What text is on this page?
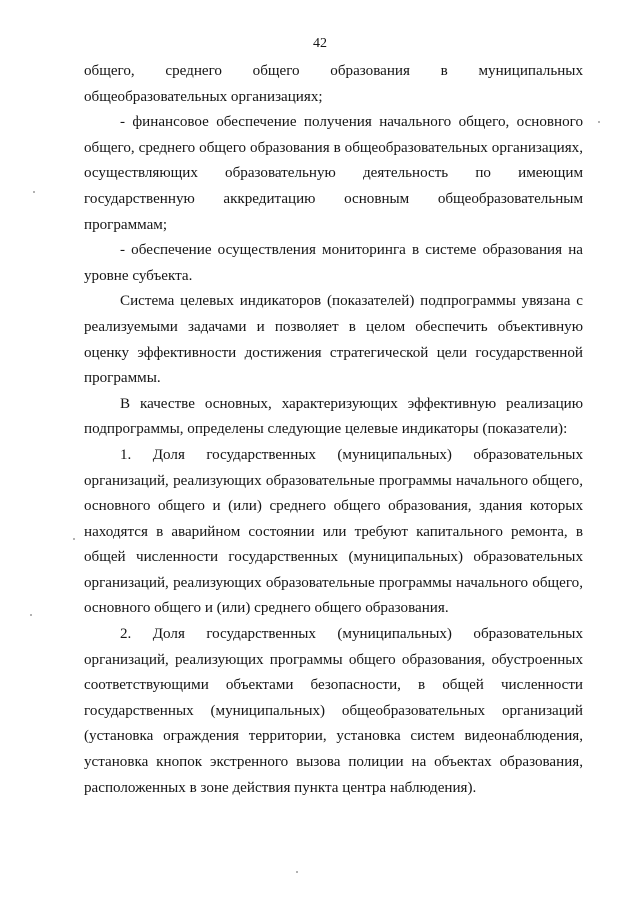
42
общего, среднего общего образования в муниципальных
общеобразовательных организациях;
- финансовое обеспечение получения начального общего, основного
общего, среднего общего образования в общеобразовательных организациях,
осуществляющих образовательную деятельность по имеющим
государственную аккредитацию основным общеобразовательным
программам;
- обеспечение осуществления мониторинга в системе образования на
уровне субъекта.
Система целевых индикаторов (показателей) подпрограммы увязана с
реализуемыми задачами и позволяет в целом обеспечить объективную
оценку эффективности достижения стратегической цели государственной
программы.
В качестве основных, характеризующих эффективную реализацию
подпрограммы, определены следующие целевые индикаторы (показатели):
1. Доля государственных (муниципальных) образовательных
организаций, реализующих образовательные программы начального общего,
основного общего и (или) среднего общего образования, здания которых
находятся в аварийном состоянии или требуют капитального ремонта, в
общей численности государственных (муниципальных) образовательных
организаций, реализующих образовательные программы начального общего,
основного общего и (или) среднего общего образования.
2. Доля государственных (муниципальных) образовательных
организаций, реализующих программы общего образования, обустроенных
соответствующими объектами безопасности, в общей численности
государственных (муниципальных) общеобразовательных организаций
(установка ограждения территории, установка систем видеонаблюдения,
установка кнопок экстренного вызова полиции на объектах образования,
расположенных в зоне действия пункта центра наблюдения).
